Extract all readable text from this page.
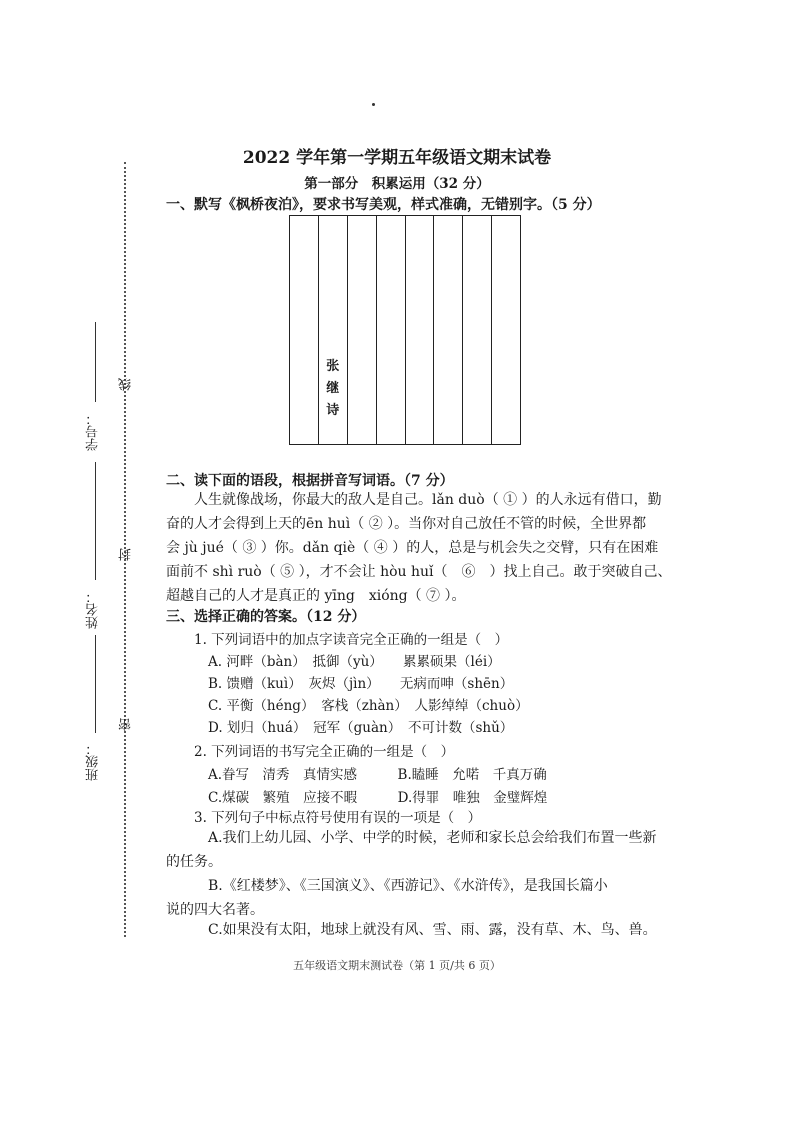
线
封
密
学号：
姓名：
班级：
2022 学年第一学期五年级语文期末试卷
第一部分　积累运用（32 分）
一、默写《枫桥夜泊》，要求书写美观，样式准确，无错别字。（5 分）
张
继
诗
二、读下面的语段，根据拼音写词语。（7 分）
人生就像战场，你最大的敌人是自己。lǎn duò（ ① ）的人永远有借口，勤
奋的人才会得到上天的ēn huì（ ② ）。当你对自己放任不管的时候，全世界都
会 jù jué（ ③ ）你。dǎn qiè（ ④ ）的人，总是与机会失之交臂，只有在困难
面前不 shì ruò（ ⑤ ），才不会让 hòu huǐ（　⑥　）找上自己。敢于突破自己、
超越自己的人才是真正的 yīng　xióng（ ⑦ ）。
三、选择正确的答案。（12 分）
1. 下列词语中的加点字读音完全正确的一组是（　）
A. 河畔（bàn）　抵御（yù）　　累累硕果（léi）
B. 馈赠（kuì）　灰烬（jìn）　　无病而呻（shēn）
C. 平衡（héng）　客栈（zhàn）　人影绰绰（chuò）
D. 划归（huá）　冠军（guàn）　不可计数（shǔ）
2. 下列词语的书写完全正确的一组是（　）
A.眷写　清秀　真情实感　　　B.瞌睡　允喏　千真万确
C.煤碳　繁殖　应接不暇　　　D.得罪　唯独　金璧辉煌
3. 下列句子中标点符号使用有误的一项是（　）
A.我们上幼儿园、小学、中学的时候，老师和家长总会给我们布置一些新
的任务。
B.《红楼梦》、《三国演义》、《西游记》、《水浒传》，是我国长篇小
说的四大名著。
C.如果没有太阳，地球上就没有风、雪、雨、露，没有草、木、鸟、兽。
五年级语文期末测试卷（第 1 页/共 6 页）
